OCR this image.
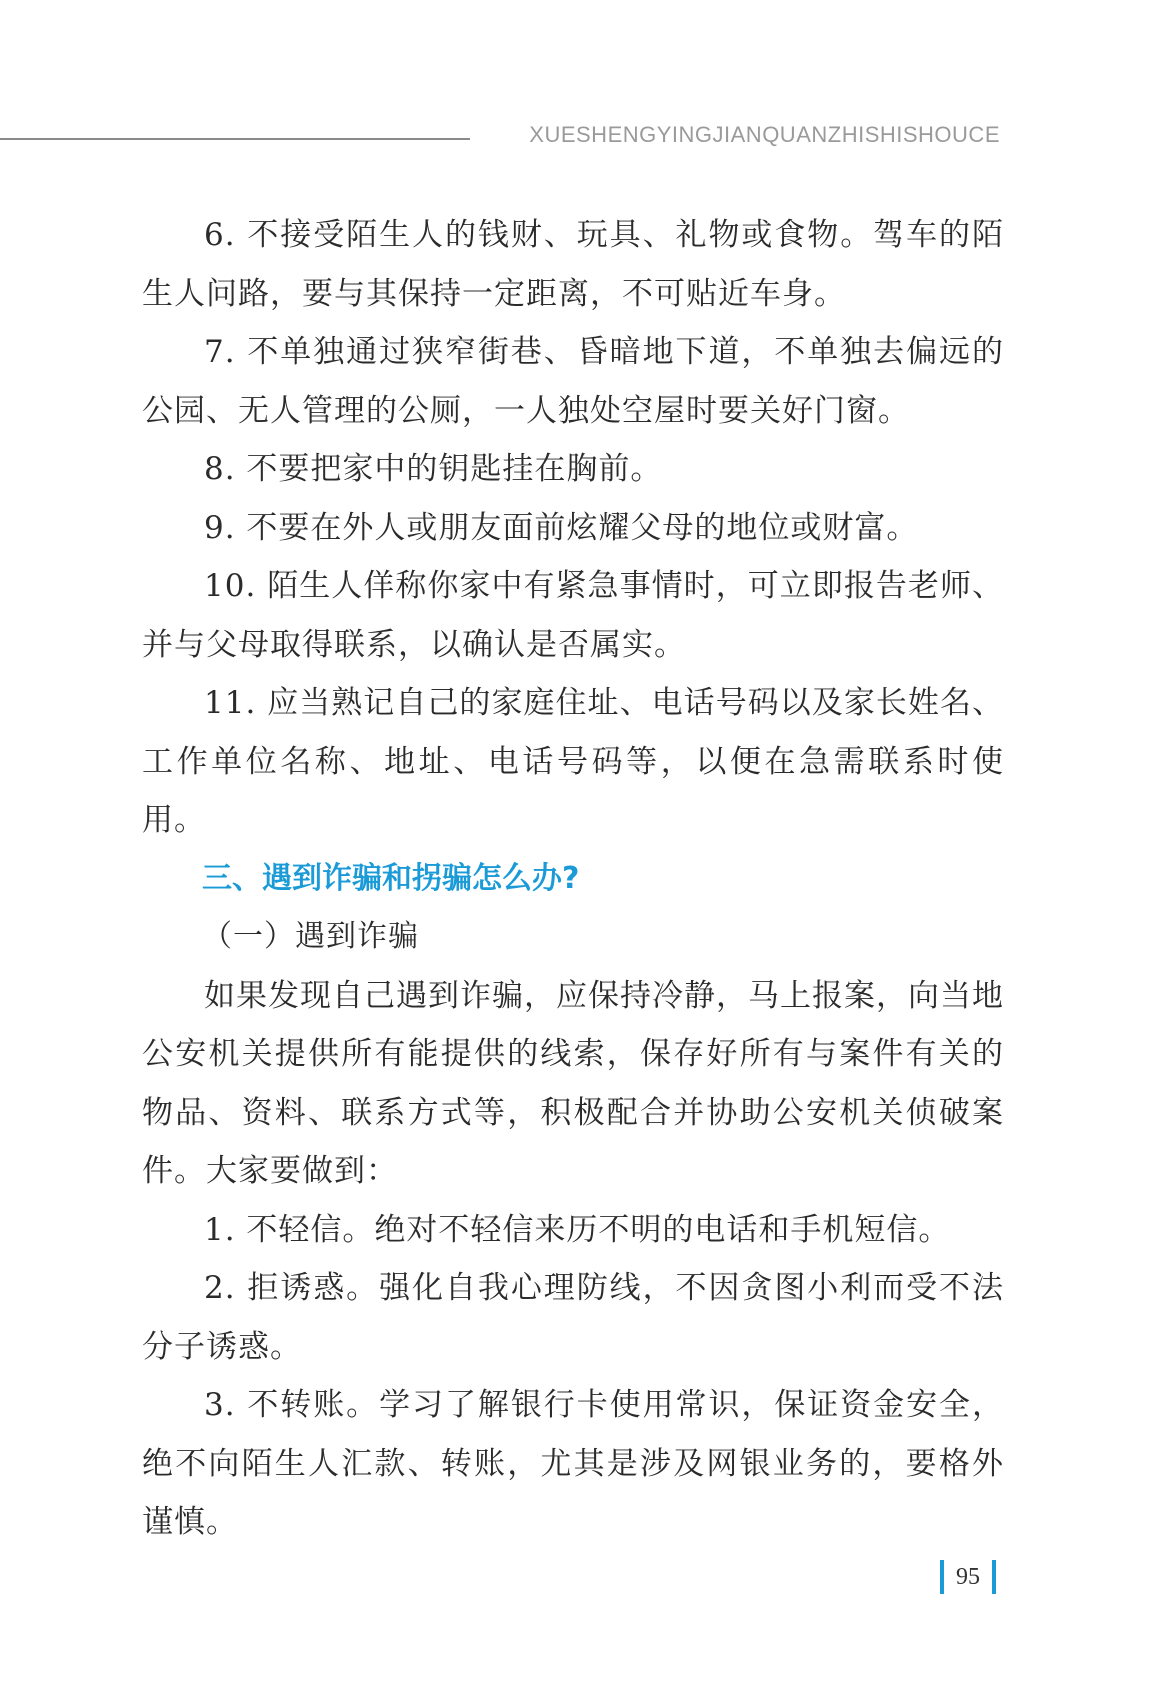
XUESHENGYINGJIANQUANZHISHISHOUCE

6. 不接受陌生人的钱财、玩具、礼物或食物。驾车的陌生人问路，要与其保持一定距离，不可贴近车身。

7. 不单独通过狭窄街巷、昏暗地下道，不单独去偏远的公园、无人管理的公厕，一人独处空屋时要关好门窗。

8. 不要把家中的钥匙挂在胸前。

9. 不要在外人或朋友面前炫耀父母的地位或财富。

10. 陌生人佯称你家中有紧急事情时，可立即报告老师、并与父母取得联系，以确认是否属实。

11. 应当熟记自己的家庭住址、电话号码以及家长姓名、工作单位名称、地址、电话号码等，以便在急需联系时使用。

三、遇到诈骗和拐骗怎么办?

（一）遇到诈骗

如果发现自己遇到诈骗，应保持冷静，马上报案，向当地公安机关提供所有能提供的线索，保存好所有与案件有关的物品、资料、联系方式等，积极配合并协助公安机关侦破案件。大家要做到：

1. 不轻信。绝对不轻信来历不明的电话和手机短信。

2. 拒诱惑。强化自我心理防线，不因贪图小利而受不法分子诱惑。

3. 不转账。学习了解银行卡使用常识，保证资金安全，绝不向陌生人汇款、转账，尤其是涉及网银业务的，要格外谨慎。

95
